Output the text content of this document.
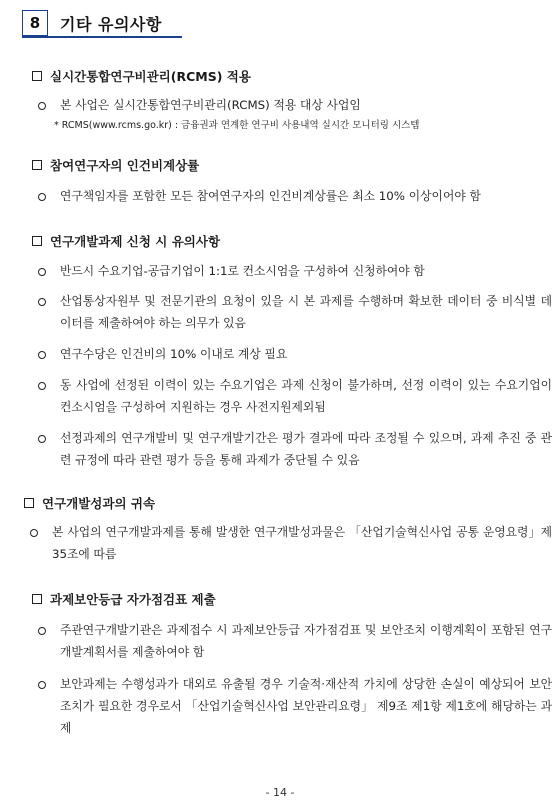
8	기타 유의사항
실시간통합연구비관리(RCMS) 적용
본 사업은 실시간통합연구비관리(RCMS) 적용 대상 사업임
* RCMS(www.rcms.go.kr) : 금융권과 연계한 연구비 사용내역 실시간 모니터링 시스템
참여연구자의 인건비계상률
연구책임자를 포함한 모든 참여연구자의 인건비계상률은 최소 10% 이상이어야 함
연구개발과제 신청 시 유의사항
반드시 수요기업-공급기업이 1:1로 컨소시엄을 구성하여 신청하여야 함
산업통상자원부 및 전문기관의 요청이 있을 시 본 과제를 수행하며 확보한 데이터 중 비식별 데이터를 제출하여야 하는 의무가 있음
연구수당은 인건비의 10% 이내로 계상 필요
동 사업에 선정된 이력이 있는 수요기업은 과제 신청이 불가하며, 선정 이력이 있는 수요기업이 컨소시엄을 구성하여 지원하는 경우 사전지원제외됨
선정과제의 연구개발비 및 연구개발기간은 평가 결과에 따라 조정될 수 있으며, 과제 추진 중 관련 규정에 따라 관련 평가 등을 통해 과제가 중단될 수 있음
연구개발성과의 귀속
본 사업의 연구개발과제를 통해 발생한 연구개발성과물은 「산업기술혁신사업 공통 운영요령」제35조에 따름
과제보안등급 자가점검표 제출
주관연구개발기관은 과제접수 시 과제보안등급 자가점검표 및 보안조치 이행계획이 포함된 연구개발계획서를 제출하여야 함
보안과제는 수행성과가 대외로 유출될 경우 기술적·재산적 가치에 상당한 손실이 예상되어 보안 조치가 필요한 경우로서 「산업기술혁신사업 보안관리요령」 제9조 제1항 제1호에 해당하는 과제
- 14 -
